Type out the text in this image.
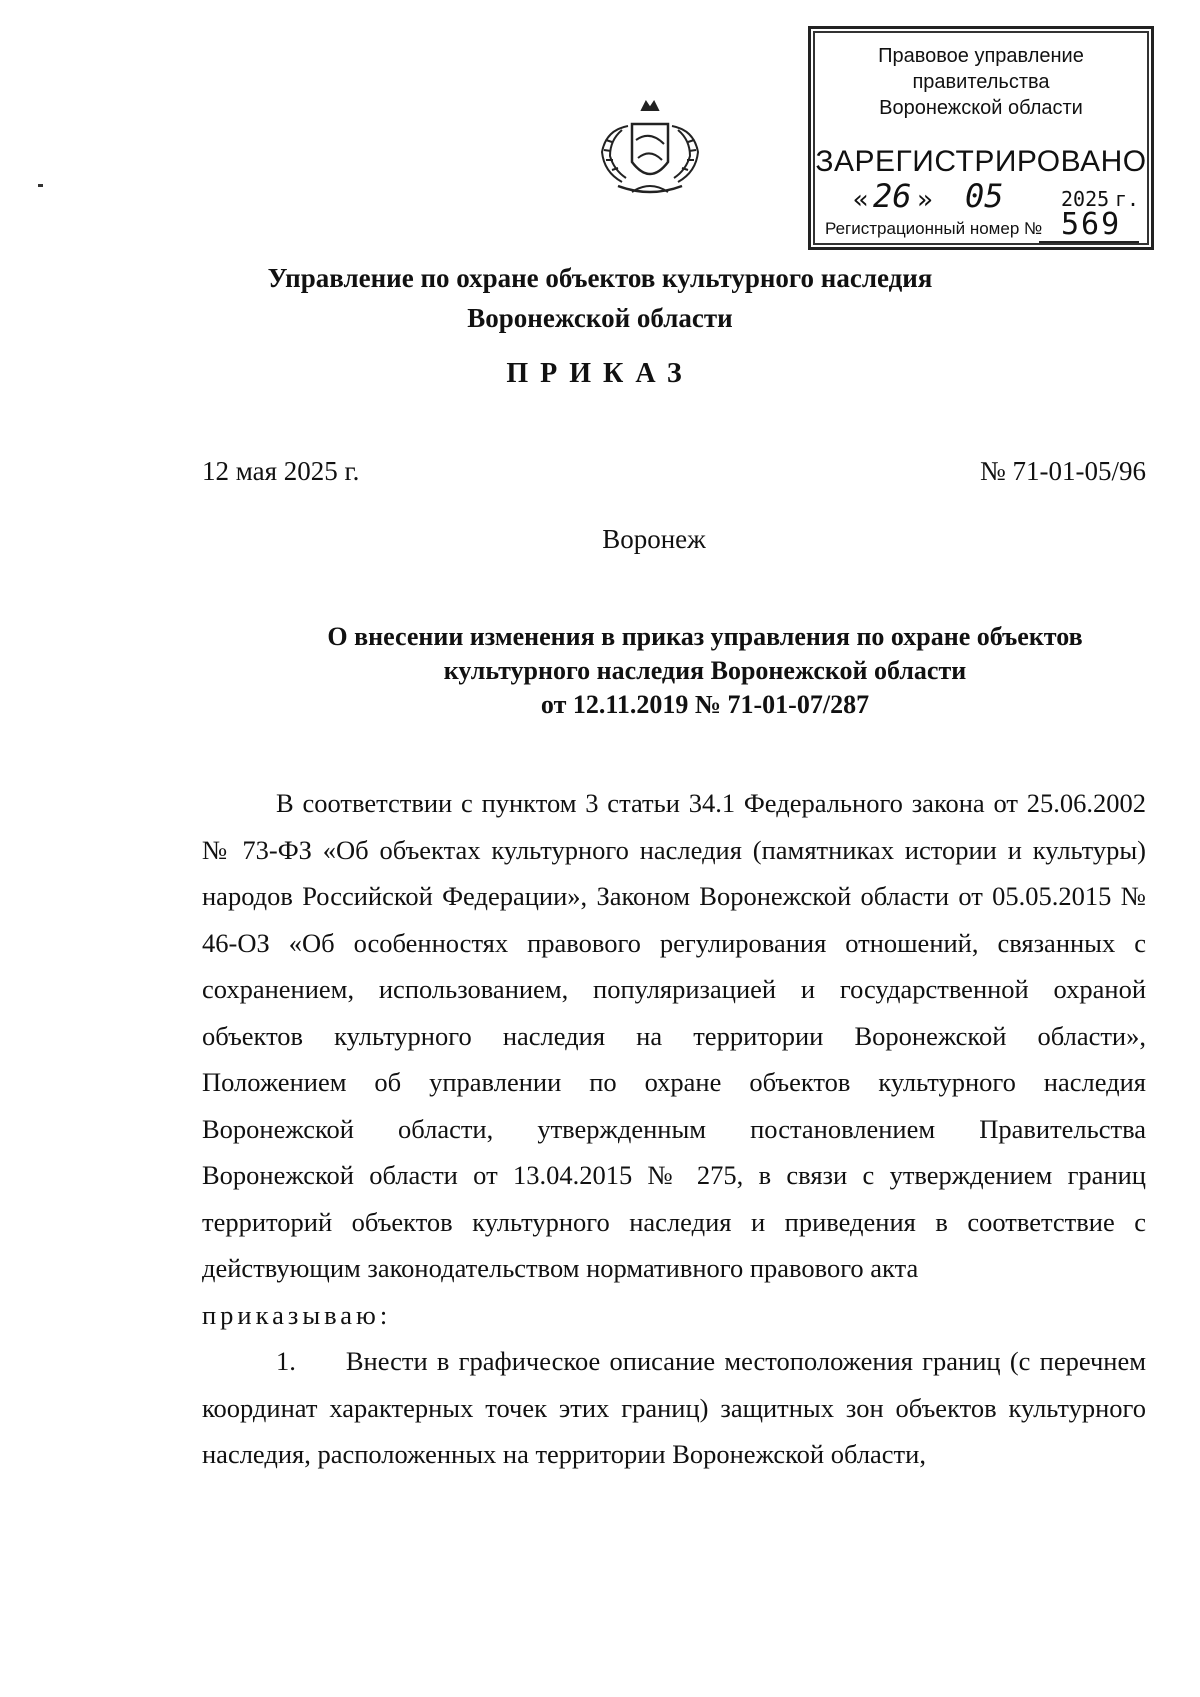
Правовое управление правительства
Воронежской области
ЗАРЕГИСТРИРОВАНО
« 26 » 05	2025 г.
Регистрационный номер № 569
Управление по охране объектов культурного наследия
Воронежской области
ПРИКАЗ
12 мая 2025 г.	№ 71-01-05/96
Воронеж
О внесении изменения в приказ управления по охране объектов
культурного наследия Воронежской области
от 12.11.2019 № 71-01-07/287

В соответствии с пунктом 3 статьи 34.1 Федерального закона от 25.06.2002 № 73-ФЗ «Об объектах культурного наследия (памятниках истории и культуры) народов Российской Федерации», Законом Воронежской области от 05.05.2015 № 46-ОЗ «Об особенностях правового регулирования отношений, связанных с сохранением, использованием, популяризацией и государственной охраной объектов культурного наследия на территории Воронежской области», Положением об управлении по охране объектов культурного наследия Воронежской области, утвержденным постановлением Правительства Воронежской области от 13.04.2015 № 275, в связи с утверждением границ территорий объектов культурного наследия и приведения в соответствие с действующим законодательством нормативного правового акта

приказываю:

1. Внести в графическое описание местоположения границ (с перечнем координат характерных точек этих границ) защитных зон объектов культурного наследия, расположенных на территории Воронежской области,
